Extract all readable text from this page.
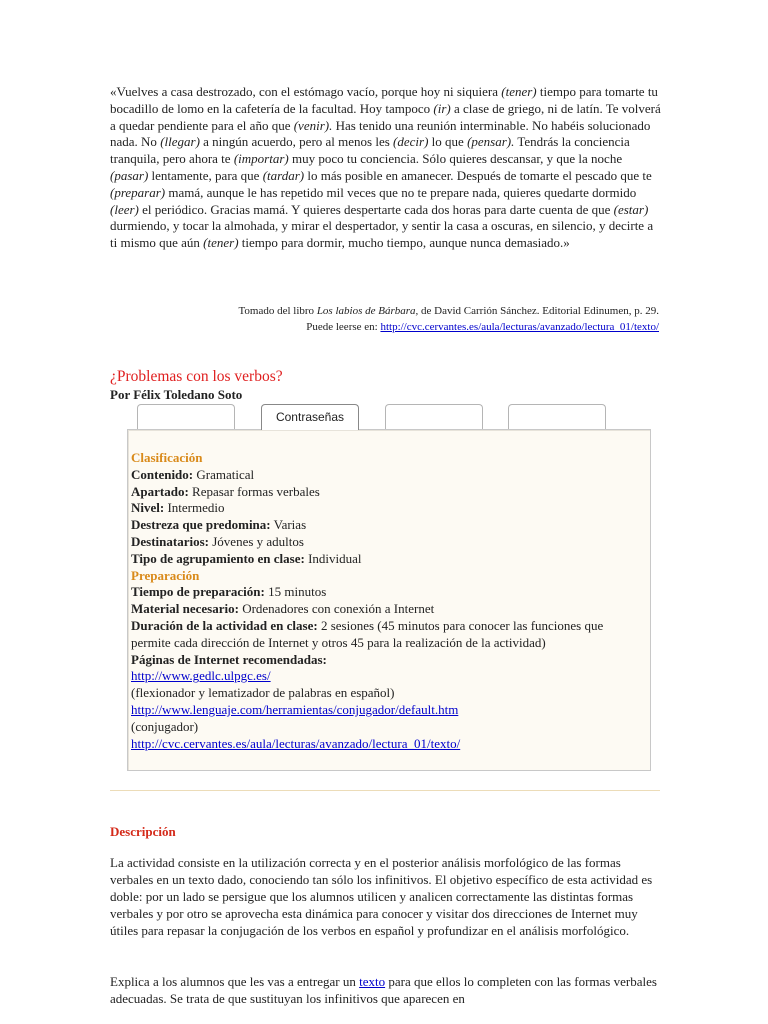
«Vuelves a casa destrozado, con el estómago vacío, porque hoy ni siquiera (tener) tiempo para tomarte tu bocadillo de lomo en la cafetería de la facultad. Hoy tampoco (ir) a clase de griego, ni de latín. Te volverá a quedar pendiente para el año que (venir). Has tenido una reunión interminable. No habéis solucionado nada. No (llegar) a ningún acuerdo, pero al menos les (decir) lo que (pensar). Tendrás la conciencia tranquila, pero ahora te (importar) muy poco tu conciencia. Sólo quieres descansar, y que la noche (pasar) lentamente, para que (tardar) lo más posible en amanecer. Después de tomarte el pescado que te (preparar) mamá, aunque le has repetido mil veces que no te prepare nada, quieres quedarte dormido (leer) el periódico. Gracias mamá. Y quieres despertarte cada dos horas para darte cuenta de que (estar) durmiendo, y tocar la almohada, y mirar el despertador, y sentir la casa a oscuras, en silencio, y decirte a ti mismo que aún (tener) tiempo para dormir, mucho tiempo, aunque nunca demasiado.»
Tomado del libro Los labios de Bárbara, de David Carrión Sánchez. Editorial Edinumen, p. 29.
Puede leerse en: http://cvc.cervantes.es/aula/lecturas/avanzado/lectura_01/texto/
¿Problemas con los verbos?
Por Félix Toledano Soto
Contraseñas
Clasificación
Contenido: Gramatical
Apartado: Repasar formas verbales
Nivel: Intermedio
Destreza que predomina: Varias
Destinatarios: Jóvenes y adultos
Tipo de agrupamiento en clase: Individual
Preparación
Tiempo de preparación: 15 minutos
Material necesario: Ordenadores con conexión a Internet
Duración de la actividad en clase: 2 sesiones (45 minutos para conocer las funciones que permite cada dirección de Internet y otros 45 para la realización de la actividad)
Páginas de Internet recomendadas:
http://www.gedlc.ulpgc.es/
(flexionador y lematizador de palabras en español)
http://www.lenguaje.com/herramientas/conjugador/default.htm
(conjugador)
http://cvc.cervantes.es/aula/lecturas/avanzado/lectura_01/texto/
Descripción
La actividad consiste en la utilización correcta y en el posterior análisis morfológico de las formas verbales en un texto dado, conociendo tan sólo los infinitivos. El objetivo específico de esta actividad es doble: por un lado se persigue que los alumnos utilicen y analicen correctamente las distintas formas verbales y por otro se aprovecha esta dinámica para conocer y visitar dos direcciones de Internet muy útiles para repasar la conjugación de los verbos en español y profundizar en el análisis morfológico.
Explica a los alumnos que les vas a entregar un texto para que ellos lo completen con las formas verbales adecuadas. Se trata de que sustituyan los infinitivos que aparecen en
